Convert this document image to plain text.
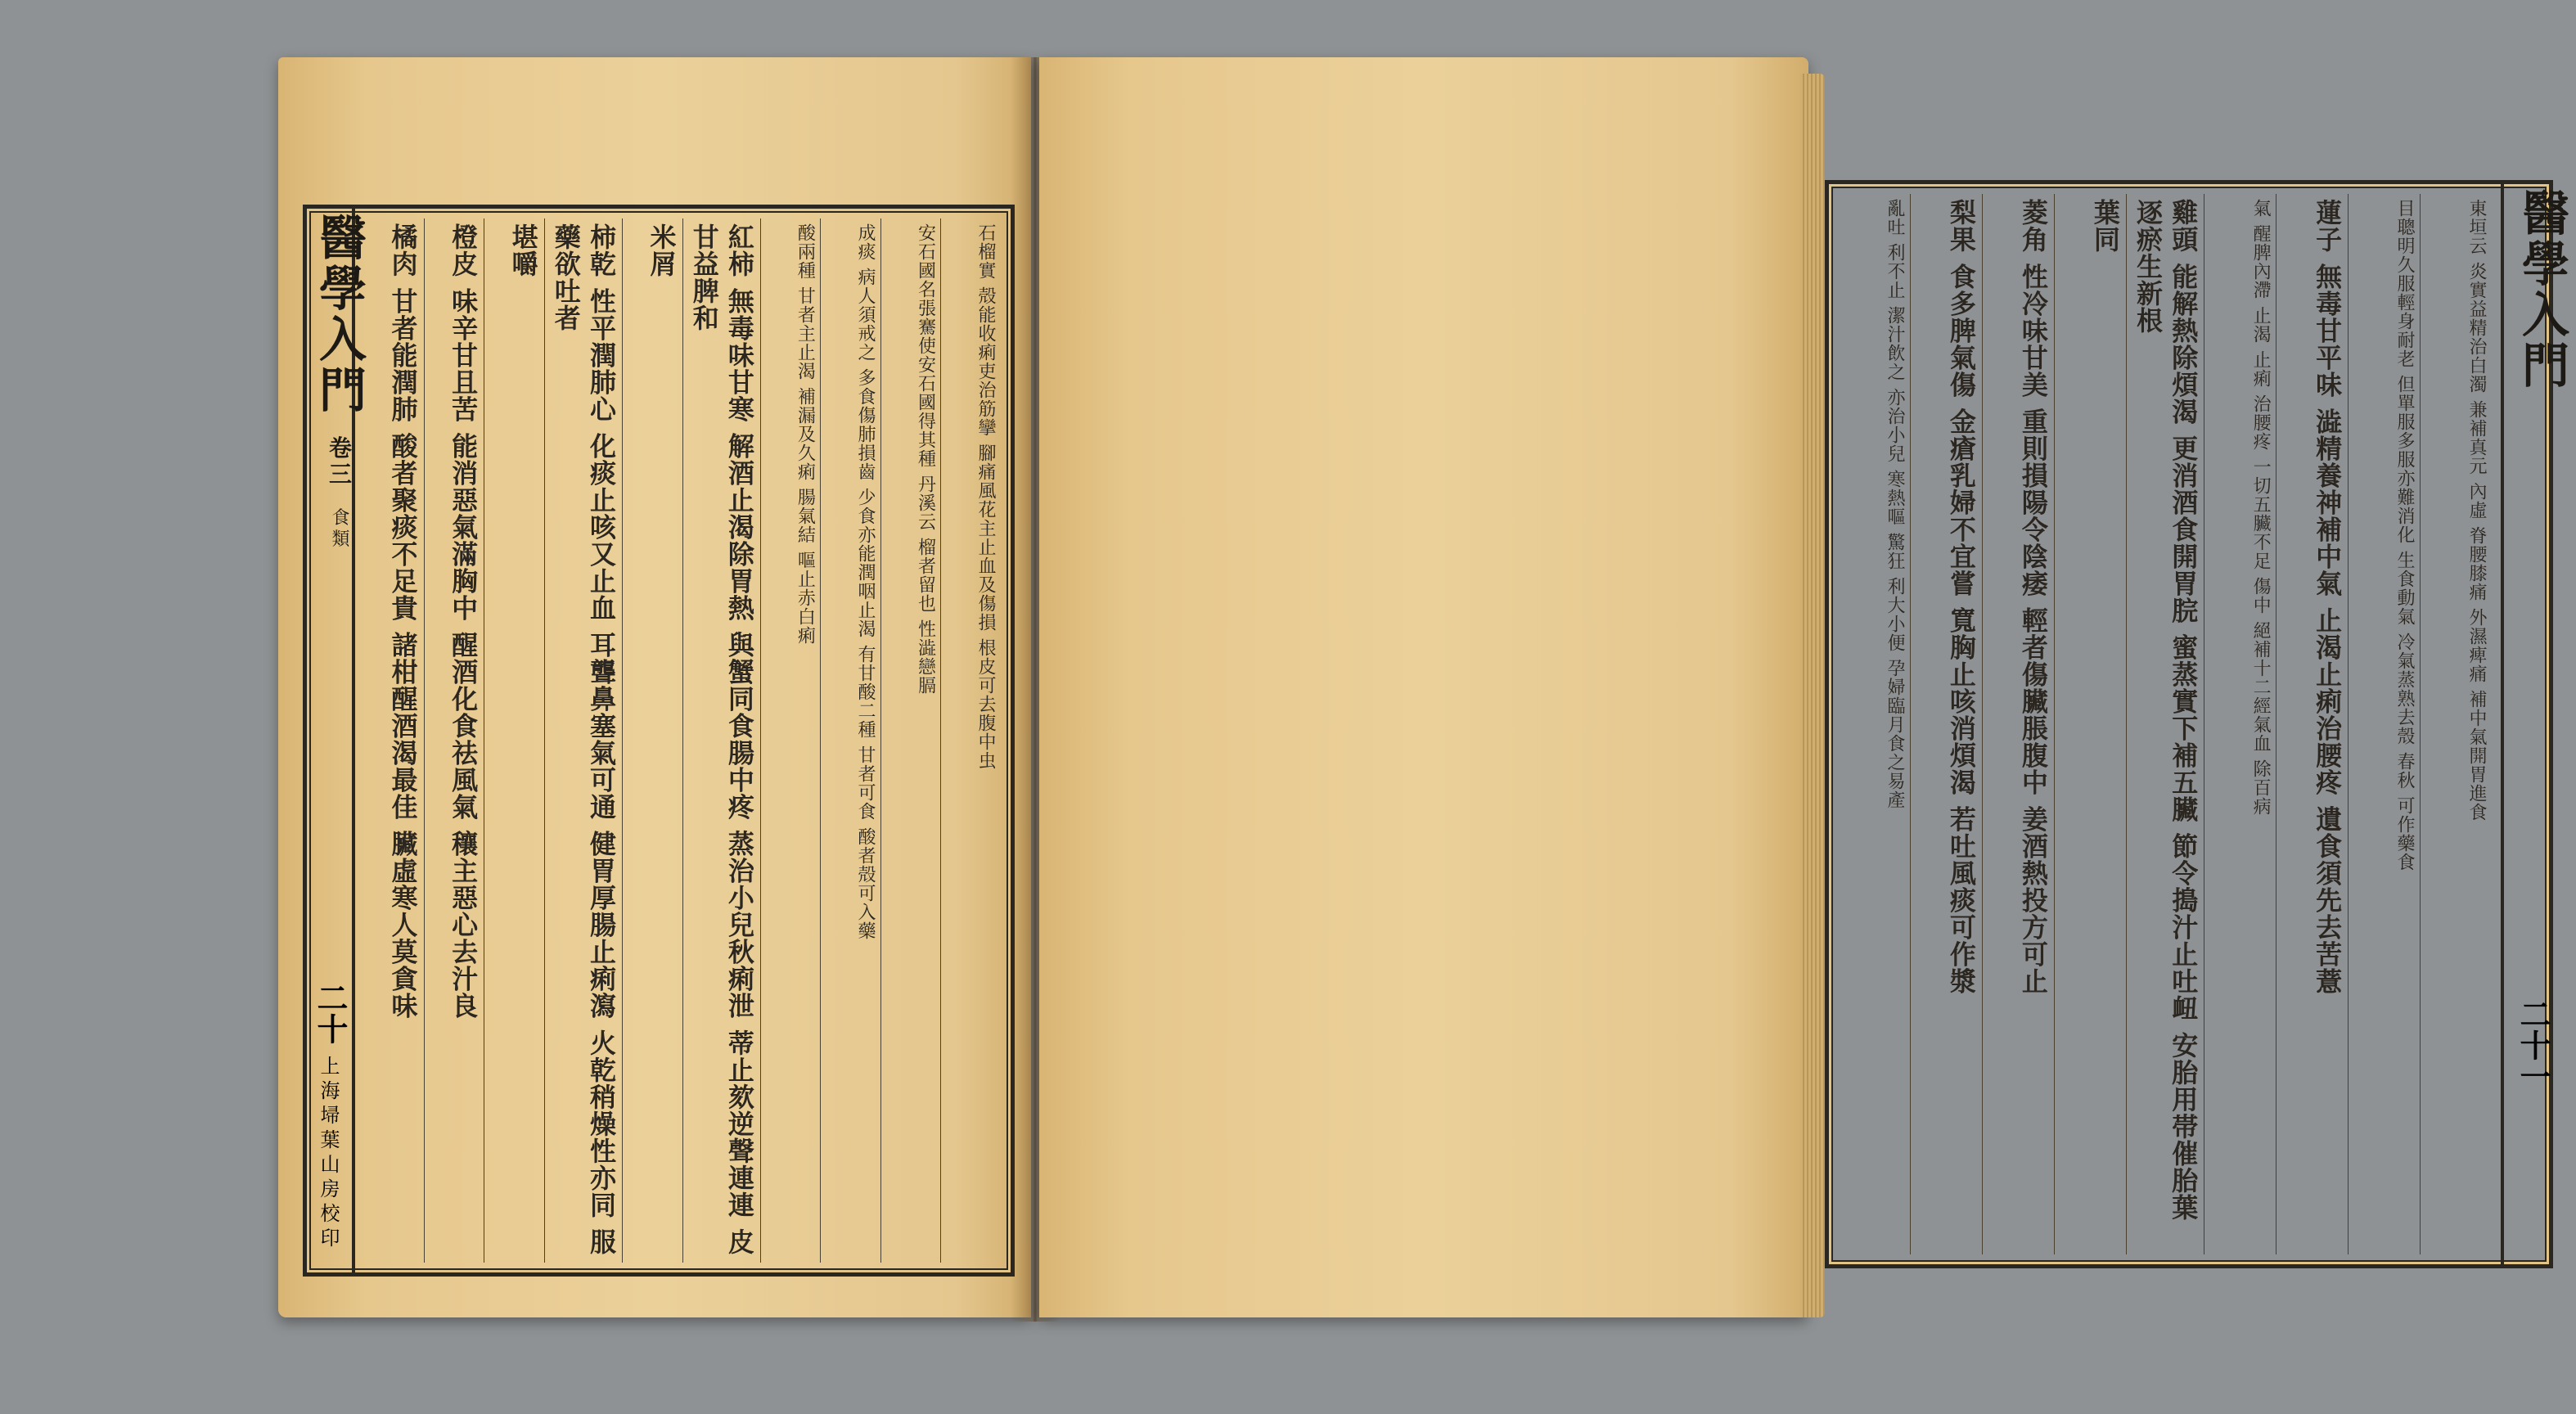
醫學入門 卷三 食類
二十
上海埽葉山房校印
石榴實 殻能收痢吏治筋攣 腳痛風花主止血及傷損 根皮可去腹中虫
安石國名張騫使安石國得其種 丹溪云 榴者留也 性澁戀膈
成痰 病人須戒之 多食傷肺損齒 少食亦能潤咽止渴 有甘酸二種 甘者可食 酸者殻可入藥
酸兩種 甘者主止渴 補漏及久痢 腸氣結 嘔止赤白痢
紅柿 無毒味甘寒 解酒止渴除胃熱 與蟹同食腸中疼 蒸治小兒秋痢泄 蒂止欬逆聲連連 皮甘益脾和
米屑
柿乾 性平潤肺心 化痰止咳又止血 耳聾鼻塞氣可通 健胃厚腸止痢瀉 火乾稍燥性亦同 服藥欲吐者
堪嚼
橙皮 味辛甘且苦 能消惡氣滿胸中 醒酒化食祛風氣 穰主惡心去汁良
橘肉 甘者能潤肺 酸者聚痰不足貴 諸柑醒酒渴最佳 臟虛寒人莫貪味	東垣云 炎實益精治白濁 兼補真元 內虛 脊腰膝痛 外濕痺痛 補中氣開胃進食
目聰明久服輕身耐老 但單服多服亦難消化 生食動氣 冷氣蒸熟去殼 春秋 可作藥食
蓮子 無毒甘平味 澁精養神補中氣 止渴止痢治腰疼 遺食須先去苦薏
氣 醒脾內滯 止渴 止痢 治腰疼 一切五臟不足 傷中 絕補十二經氣血 除百病
雞頭 能解熱除煩渴 更消酒食開胃脘 蜜蒸實下補五臟 節令搗汁止吐衄 安胎用帯催胎葉 逐瘀生新根
葉同
菱角 性冷味甘美 重則損陽令陰痿 輕者傷臟脹腹中 姜酒熱投方可止
梨果 食多脾氣傷 金瘡乳婦不宜嘗 寬胸止咳消煩渴 若吐風痰可作漿
亂吐 利不止 潔汁飲之 亦治小兒 寒熱嘔 驚狂 利大小便 孕婦臨月食之易產	醫學入門
二十一
